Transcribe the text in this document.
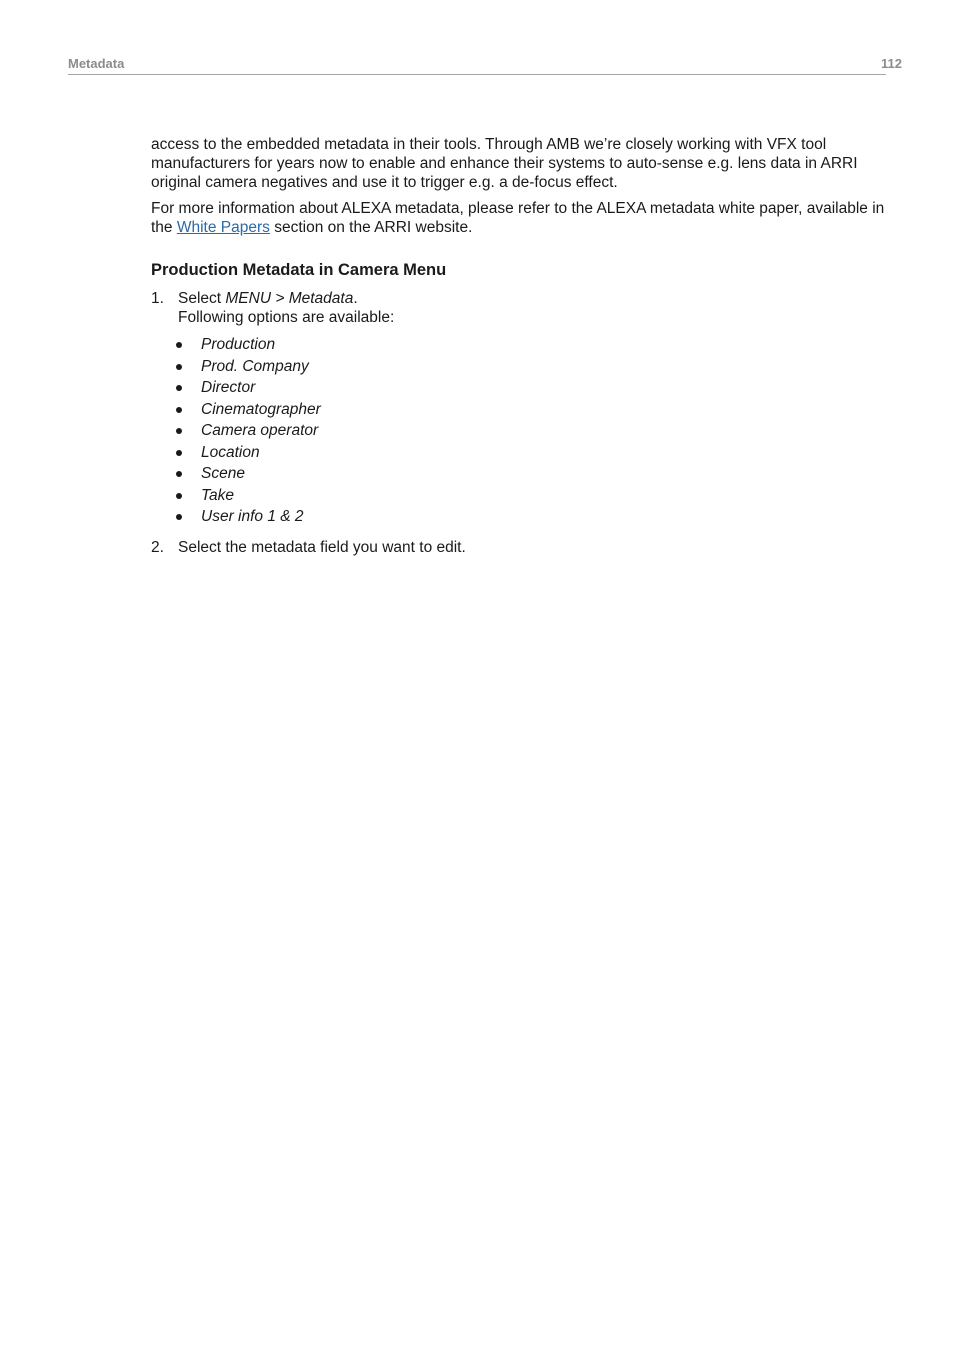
Metadata	112

access to the embedded metadata in their tools. Through AMB we’re closely working with VFX tool manufacturers for years now to enable and enhance their systems to auto-sense e.g. lens data in ARRI original camera negatives and use it to trigger e.g. a de-focus effect.

For more information about ALEXA metadata, please refer to the ALEXA metadata white paper, available in the White Papers section on the ARRI website.

Production Metadata in Camera Menu
1. Select MENU > Metadata.

Following options are available:

Production
Prod. Company
Director
Cinematographer
Camera operator
Location
Scene
Take
User info 1 & 2
2. Select the metadata field you want to edit.
